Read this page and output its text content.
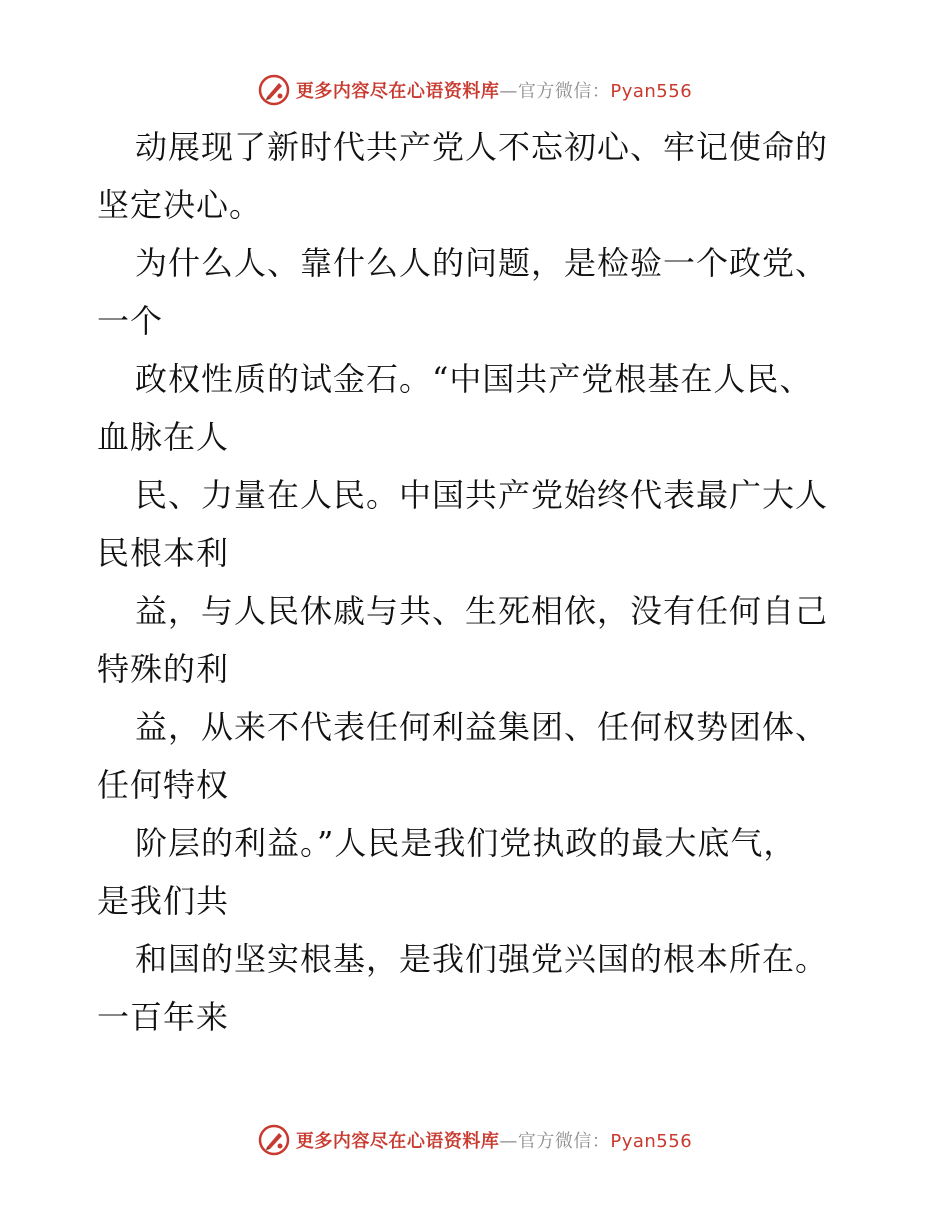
更多内容尽在心语资料库—官方微信：Pyan556
动展现了新时代共产党人不忘初心、牢记使命的
坚定决心。
为什么人、靠什么人的问题，是检验一个政党、
一个
政权性质的试金石。“中国共产党根基在人民、
血脉在人
民、力量在人民。中国共产党始终代表最广大人
民根本利
益，与人民休戚与共、生死相依，没有任何自己
特殊的利
益，从来不代表任何利益集团、任何权势团体、
任何特权
阶层的利益。”人民是我们党执政的最大底气，
是我们共
和国的坚实根基，是我们强党兴国的根本所在。
一百年来
更多内容尽在心语资料库—官方微信：Pyan556
